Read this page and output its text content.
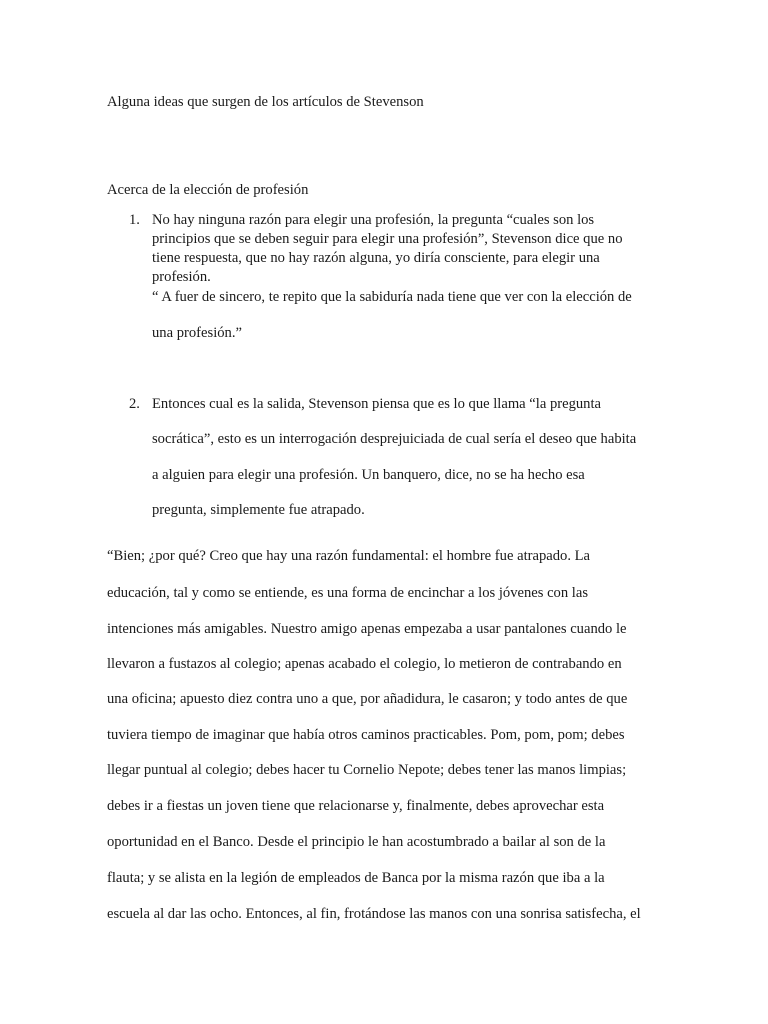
Alguna ideas que surgen de los artículos de Stevenson
Acerca de la elección de profesión
1. No hay ninguna razón para elegir una profesión, la pregunta “cuales son los
principios que se deben seguir para elegir una profesión”, Stevenson dice que no
tiene respuesta, que no hay razón alguna, yo diría consciente, para elegir una
profesión.
“ A fuer de sincero, te repito que la sabiduría nada tiene que ver con la elección de
una profesión.”
2. Entonces cual es la salida, Stevenson piensa que es lo que llama “la pregunta
socrática”, esto es un interrogación desprejuiciada de cual sería el deseo que habita
a alguien para elegir una profesión. Un banquero, dice, no se ha hecho esa
pregunta, simplemente fue atrapado.
“Bien; ¿por qué? Creo que hay una razón fundamental: el hombre fue atrapado. La
educación, tal y como se entiende, es una forma de encinchar a los jóvenes con las
intenciones más amigables. Nuestro amigo apenas empezaba a usar pantalones cuando le
llevaron a fustazos al colegio; apenas acabado el colegio, lo metieron de contrabando en
una oficina; apuesto diez contra uno a que, por añadidura, le casaron; y todo antes de que
tuviera tiempo de imaginar que había otros caminos practicables. Pom, pom, pom; debes
llegar puntual al colegio; debes hacer tu Cornelio Nepote; debes tener las manos limpias;
debes ir a fiestas un joven tiene que relacionarse y, finalmente, debes aprovechar esta
oportunidad en el Banco. Desde el principio le han acostumbrado a bailar al son de la
flauta; y se alista en la legión de empleados de Banca por la misma razón que iba a la
escuela al dar las ocho. Entonces, al fin, frotándose las manos con una sonrisa satisfecha, el
